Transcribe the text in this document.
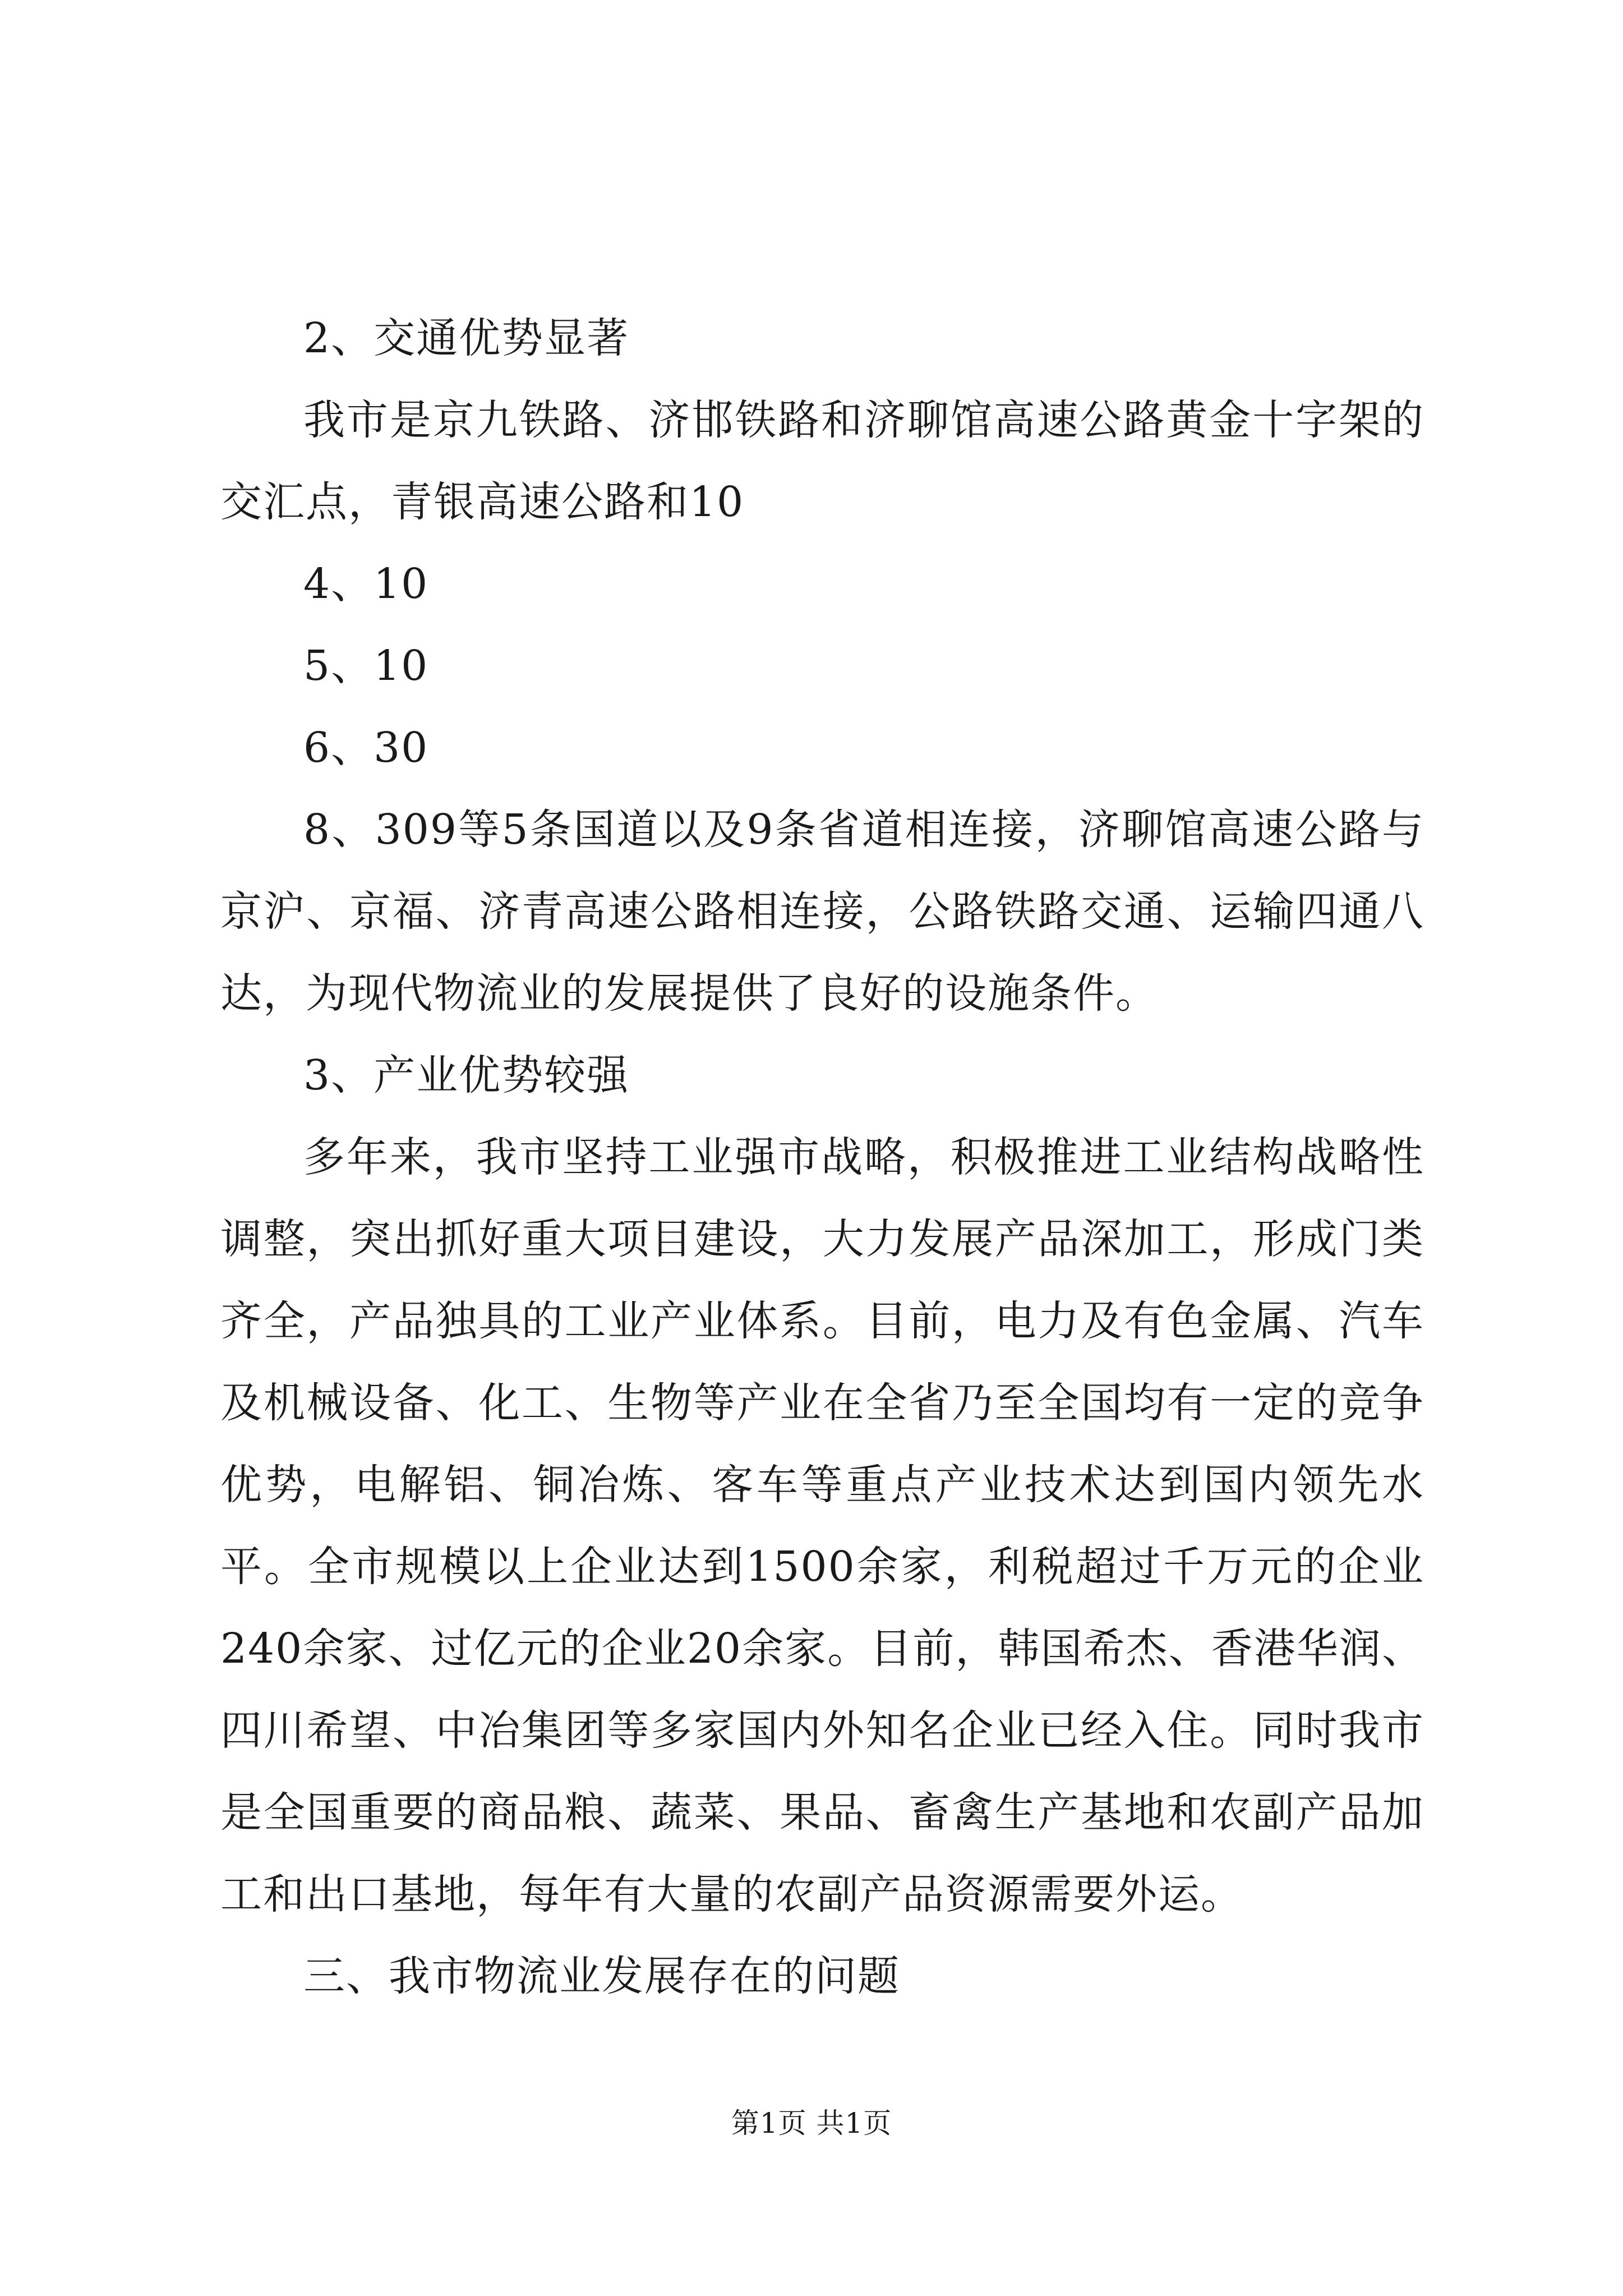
2、交通优势显著

我市是京九铁路、济邯铁路和济聊馆高速公路黄金十字架的交汇点，青银高速公路和10

4、10

5、10

6、30

8、309等5条国道以及9条省道相连接，济聊馆高速公路与京沪、京福、济青高速公路相连接，公路铁路交通、运输四通八达，为现代物流业的发展提供了良好的设施条件。

3、产业优势较强

多年来，我市坚持工业强市战略，积极推进工业结构战略性调整，突出抓好重大项目建设，大力发展产品深加工，形成门类齐全，产品独具的工业产业体系。目前，电力及有色金属、汽车及机械设备、化工、生物等产业在全省乃至全国均有一定的竞争优势，电解铝、铜冶炼、客车等重点产业技术达到国内领先水平。全市规模以上企业达到1500余家，利税超过千万元的企业240余家、过亿元的企业20余家。目前，韩国希杰、香港华润、四川希望、中冶集团等多家国内外知名企业已经入住。同时我市是全国重要的商品粮、蔬菜、果品、畜禽生产基地和农副产品加工和出口基地，每年有大量的农副产品资源需要外运。

三、我市物流业发展存在的问题

第1页 共1页
